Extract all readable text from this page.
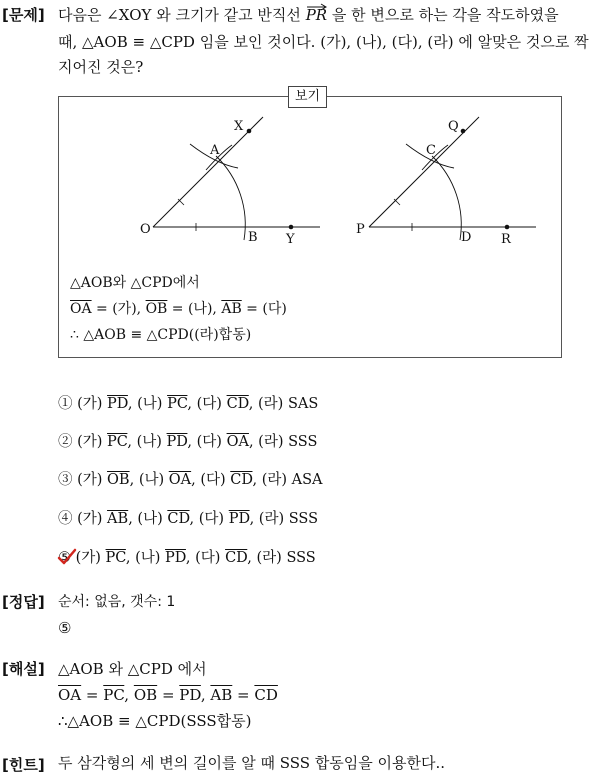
[문제] 다음은 ∠XOY 와 크기가 같고 반직선 PR 을 한 변으로 하는 각을 작도하였을
때, △AOB ≡ △CPD 임을 보인 것이다. (가), (나), (다), (라) 에 알맞은 것으로 짝
지어진 것은?
보기
O
A
B
X
Y
P
C
D
Q
R
△AOB와 △CPD에서
$\overline{OA}$ = (가), $\overline{OB}$ = (나), $\overline{AB}$ = (다)
∴ △AOB ≡ △CPD((라)합동)
① (가) $\overline{PD}$, (나) $\overline{PC}$, (다) $\overline{CD}$, (라) SAS
② (가) $\overline{PC}$, (나) $\overline{PD}$, (다) $\overline{OA}$, (라) SSS
③ (가) $\overline{OB}$, (나) $\overline{OA}$, (다) $\overline{CD}$, (라) ASA
④ (가) $\overline{AB}$, (나) $\overline{CD}$, (다) $\overline{PD}$, (라) SSS
⑤ (가) $\overline{PC}$, (나) $\overline{PD}$, (다) $\overline{CD}$, (라) SSS
[정답] 순서: 없음, 갯수: 1
⑤
[해설] △AOB 와 △CPD 에서
$\overline{OA} = \overline{PC}$, $\overline{OB} = \overline{PD}$, $\overline{AB} = \overline{CD}$
∴△AOB ≡ △CPD(SSS합동)
[힌트] 두 삼각형의 세 변의 길이를 알 때 SSS 합동임을 이용한다..
